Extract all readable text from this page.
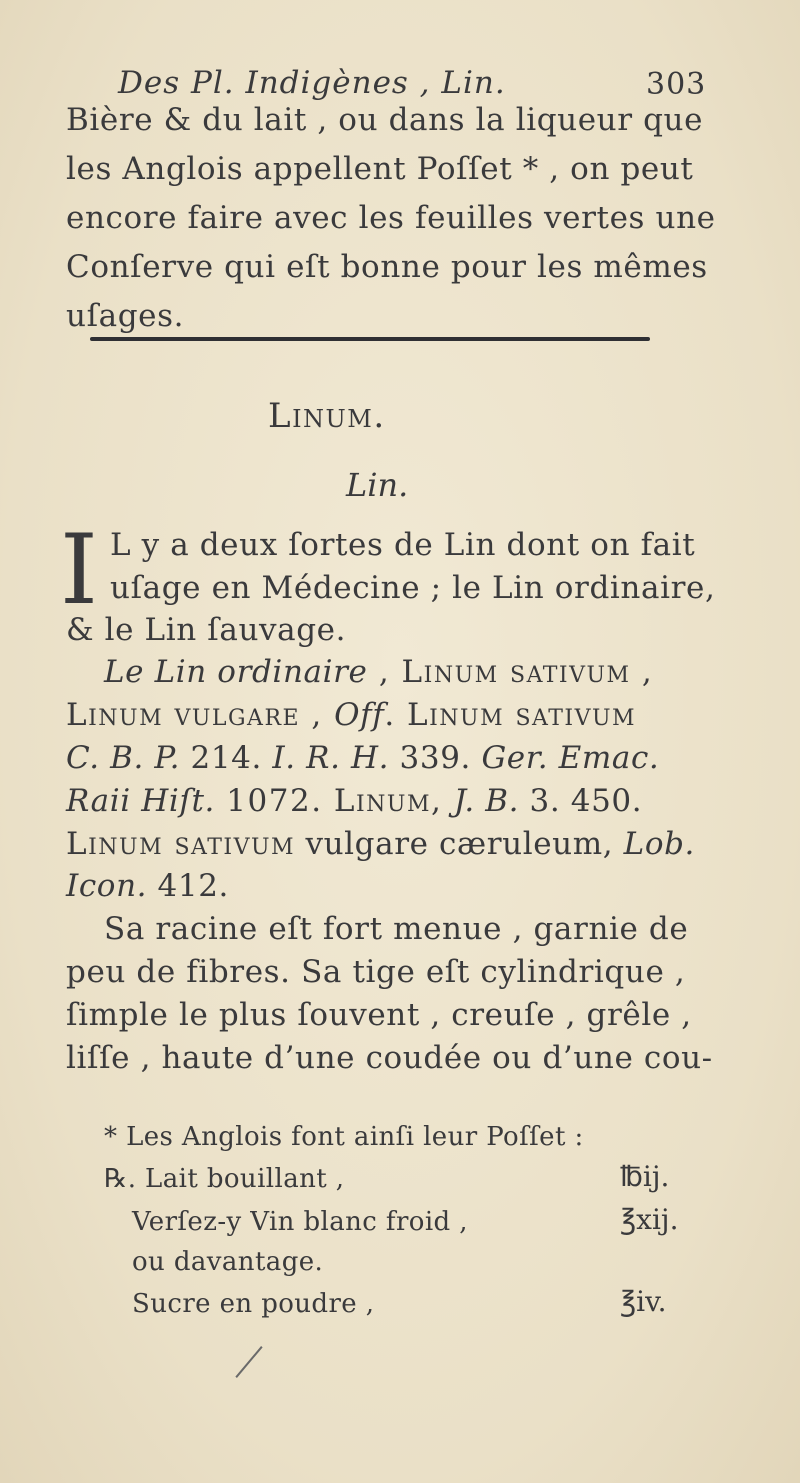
Des Pl. Indigènes , Lin.	303
Bière & du lait , ou dans la liqueur que
les Anglois appellent Poſſet * , on peut
encore faire avec les feuilles vertes une
Conſerve qui eſt bonne pour les mêmes
uſages.
Linum.
Lin.
I L y a deux ſortes de Lin dont on fait
uſage en Médecine ; le Lin ordinaire,
& le Lin ſauvage.
Le Lin ordinaire , Linum sativum ,
Linum vulgare , Off. Linum sativum
C. B. P. 214. I. R. H. 339. Ger. Emac.
Raii Hiſt. 1072. Linum, J. B. 3. 450.
Linum sativum vulgare cæruleum, Lob.
Icon. 412.
Sa racine eſt fort menue , garnie de
peu de fibres. Sa tige eſt cylindrique ,
ſimple le plus ſouvent , creuſe , grêle ,
liſſe , haute d’une coudée ou d’une cou-
* Les Anglois font ainſi leur Poſſet :
℞. Lait bouillant ,	℔ij.
Verſez-y Vin blanc froid ,	℥xij.
ou davantage.
Sucre en poudre ,	℥iv.
